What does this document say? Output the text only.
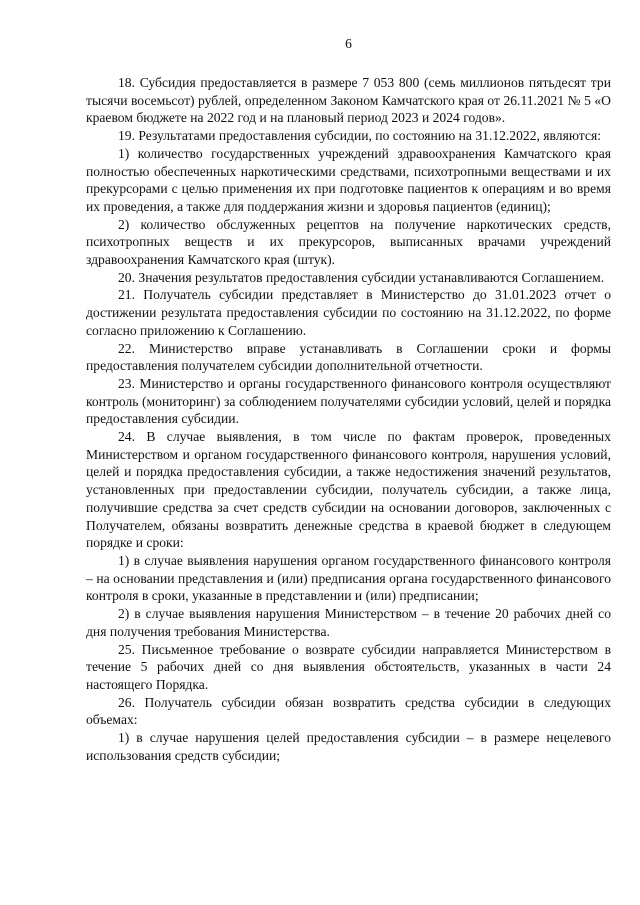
6

18. Субсидия предоставляется в размере 7 053 800 (семь миллионов пятьдесят три тысячи восемьсот) рублей, определенном Законом Камчатского края от 26.11.2021 № 5 «О краевом бюджете на 2022 год и на плановый период 2023 и 2024 годов».

19. Результатами предоставления субсидии, по состоянию на 31.12.2022, являются:

1) количество государственных учреждений здравоохранения Камчатского края полностью обеспеченных наркотическими средствами, психотропными веществами и их прекурсорами с целью применения их при подготовке пациентов к операциям и во время их проведения, а также для поддержания жизни и здоровья пациентов (единиц);

2) количество обслуженных рецептов на получение наркотических средств, психотропных веществ и их прекурсоров, выписанных врачами учреждений здравоохранения Камчатского края (штук).

20. Значения результатов предоставления субсидии устанавливаются Соглашением.

21. Получатель субсидии представляет в Министерство до 31.01.2023 отчет о достижении результата предоставления субсидии по состоянию на 31.12.2022, по форме согласно приложению к Соглашению.

22. Министерство вправе устанавливать в Соглашении сроки и формы предоставления получателем субсидии дополнительной отчетности.

23. Министерство и органы государственного финансового контроля осуществляют контроль (мониторинг) за соблюдением получателями субсидии условий, целей и порядка предоставления субсидии.

24. В случае выявления, в том числе по фактам проверок, проведенных Министерством и органом государственного финансового контроля, нарушения условий, целей и порядка предоставления субсидии, а также недостижения значений результатов, установленных при предоставлении субсидии, получатель субсидии, а также лица, получившие средства за счет средств субсидии на основании договоров, заключенных с Получателем, обязаны возвратить денежные средства в краевой бюджет в следующем порядке и сроки:

1) в случае выявления нарушения органом государственного финансового контроля – на основании представления и (или) предписания органа государственного финансового контроля в сроки, указанные в представлении и (или) предписании;

2) в случае выявления нарушения Министерством – в течение 20 рабочих дней со дня получения требования Министерства.

25. Письменное требование о возврате субсидии направляется Министерством в течение 5 рабочих дней со дня выявления обстоятельств, указанных в части 24 настоящего Порядка.

26. Получатель субсидии обязан возвратить средства субсидии в следующих объемах:

1) в случае нарушения целей предоставления субсидии – в размере нецелевого использования средств субсидии;
